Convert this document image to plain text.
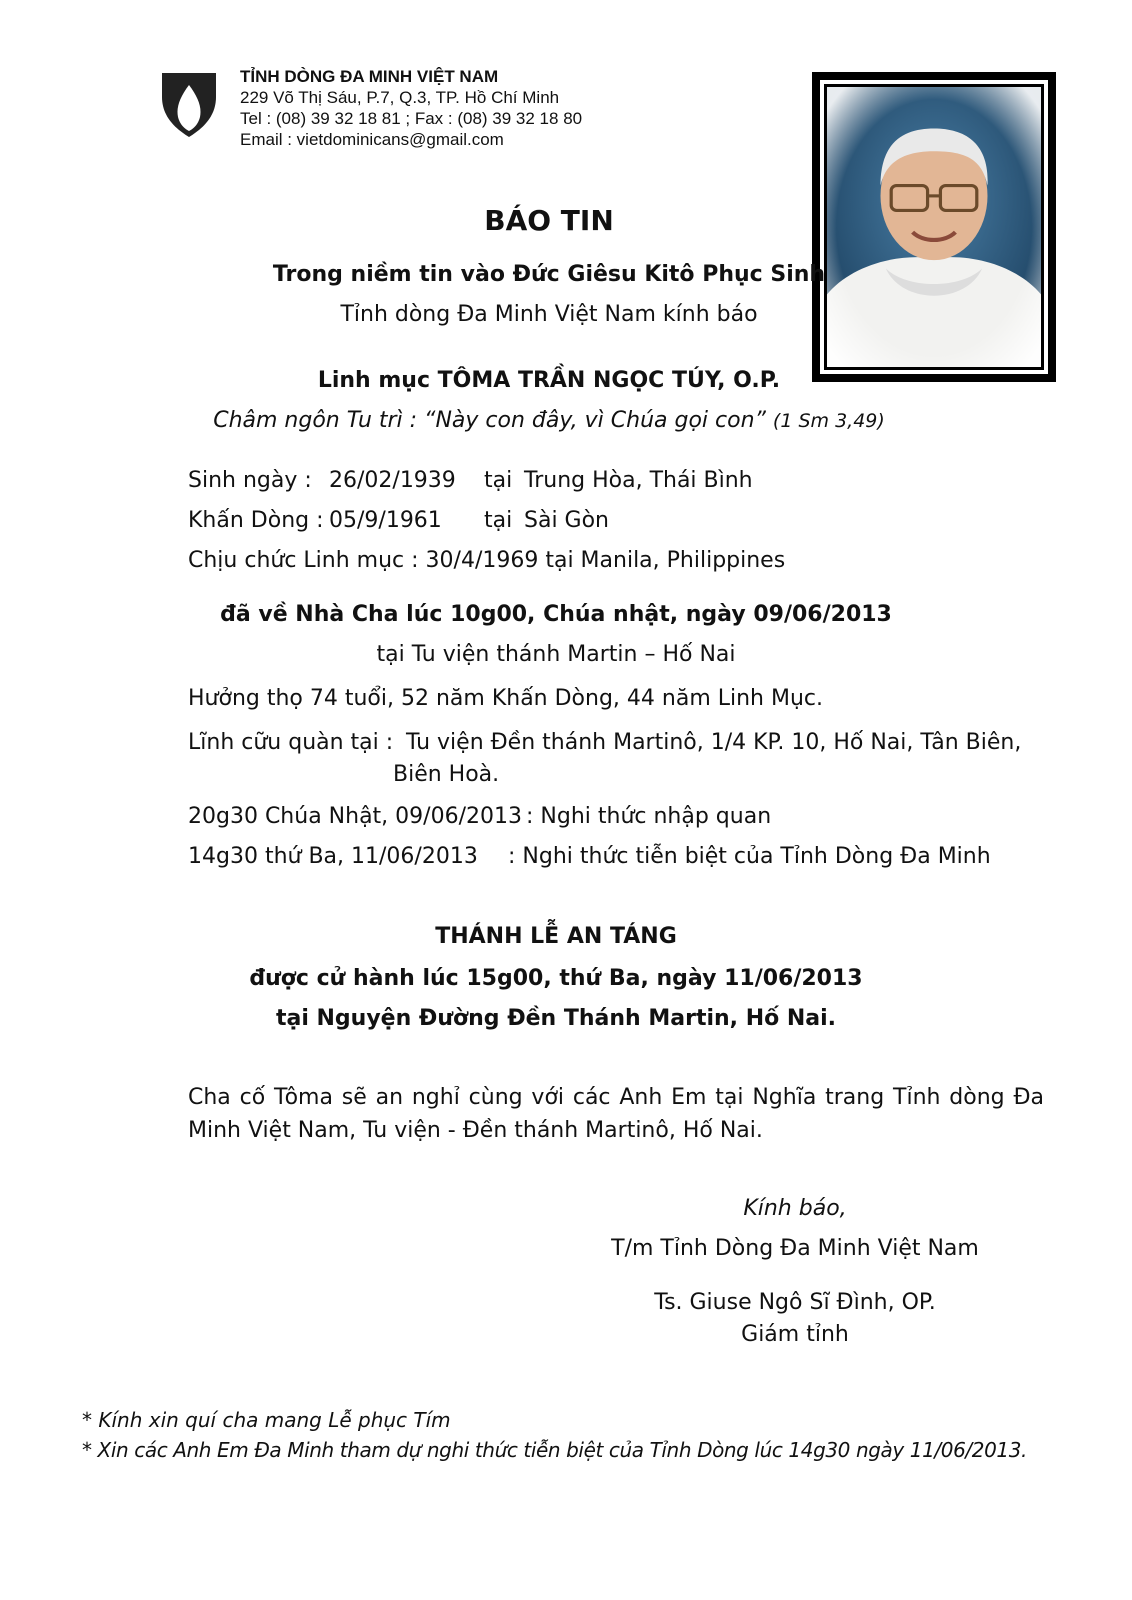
TỈNH DÒNG ĐA MINH VIỆT NAM
229 Võ Thị Sáu, P.7, Q.3, TP. Hồ Chí Minh
Tel : (08) 39 32 18 81 ; Fax : (08) 39 32 18 80
Email : vietdominicans@gmail.com
BÁO TIN
Trong niềm tin vào Đức Giêsu Kitô Phục Sinh
Tỉnh dòng Đa Minh Việt Nam kính báo
Linh mục TÔMA TRẦN NGỌC TÚY, O.P.
Châm ngôn Tu trì : “Này con đây, vì Chúa gọi con” (1 Sm 3,49)
Sinh ngày : 26/02/1939 tại Trung Hòa, Thái Bình
Khấn Dòng : 05/9/1961 tại Sài Gòn
Chịu chức Linh mục : 30/4/1969 tại Manila, Philippines
đã về Nhà Cha lúc 10g00, Chúa nhật, ngày 09/06/2013
tại Tu viện thánh Martin – Hố Nai
Hưởng thọ 74 tuổi, 52 năm Khấn Dòng, 44 năm Linh Mục.
Lĩnh cữu quàn tại : Tu viện Đền thánh Martinô, 1/4 KP. 10, Hố Nai, Tân Biên,
Biên Hoà.
20g30 Chúa Nhật, 09/06/2013 : Nghi thức nhập quan
14g30 thứ Ba, 11/06/2013 : Nghi thức tiễn biệt của Tỉnh Dòng Đa Minh
THÁNH LỄ AN TÁNG
được cử hành lúc 15g00, thứ Ba, ngày 11/06/2013
tại Nguyện Đường Đền Thánh Martin, Hố Nai.
Cha cố Tôma sẽ an nghỉ cùng với các Anh Em tại Nghĩa trang Tỉnh dòng Đa
Minh Việt Nam, Tu viện - Đền thánh Martinô, Hố Nai.
Kính báo,
T/m Tỉnh Dòng Đa Minh Việt Nam
Ts. Giuse Ngô Sĩ Đình, OP.
Giám tỉnh
* Kính xin quí cha mang Lễ phục Tím
* Xin các Anh Em Đa Minh tham dự nghi thức tiễn biệt của Tỉnh Dòng lúc 14g30 ngày 11/06/2013.
